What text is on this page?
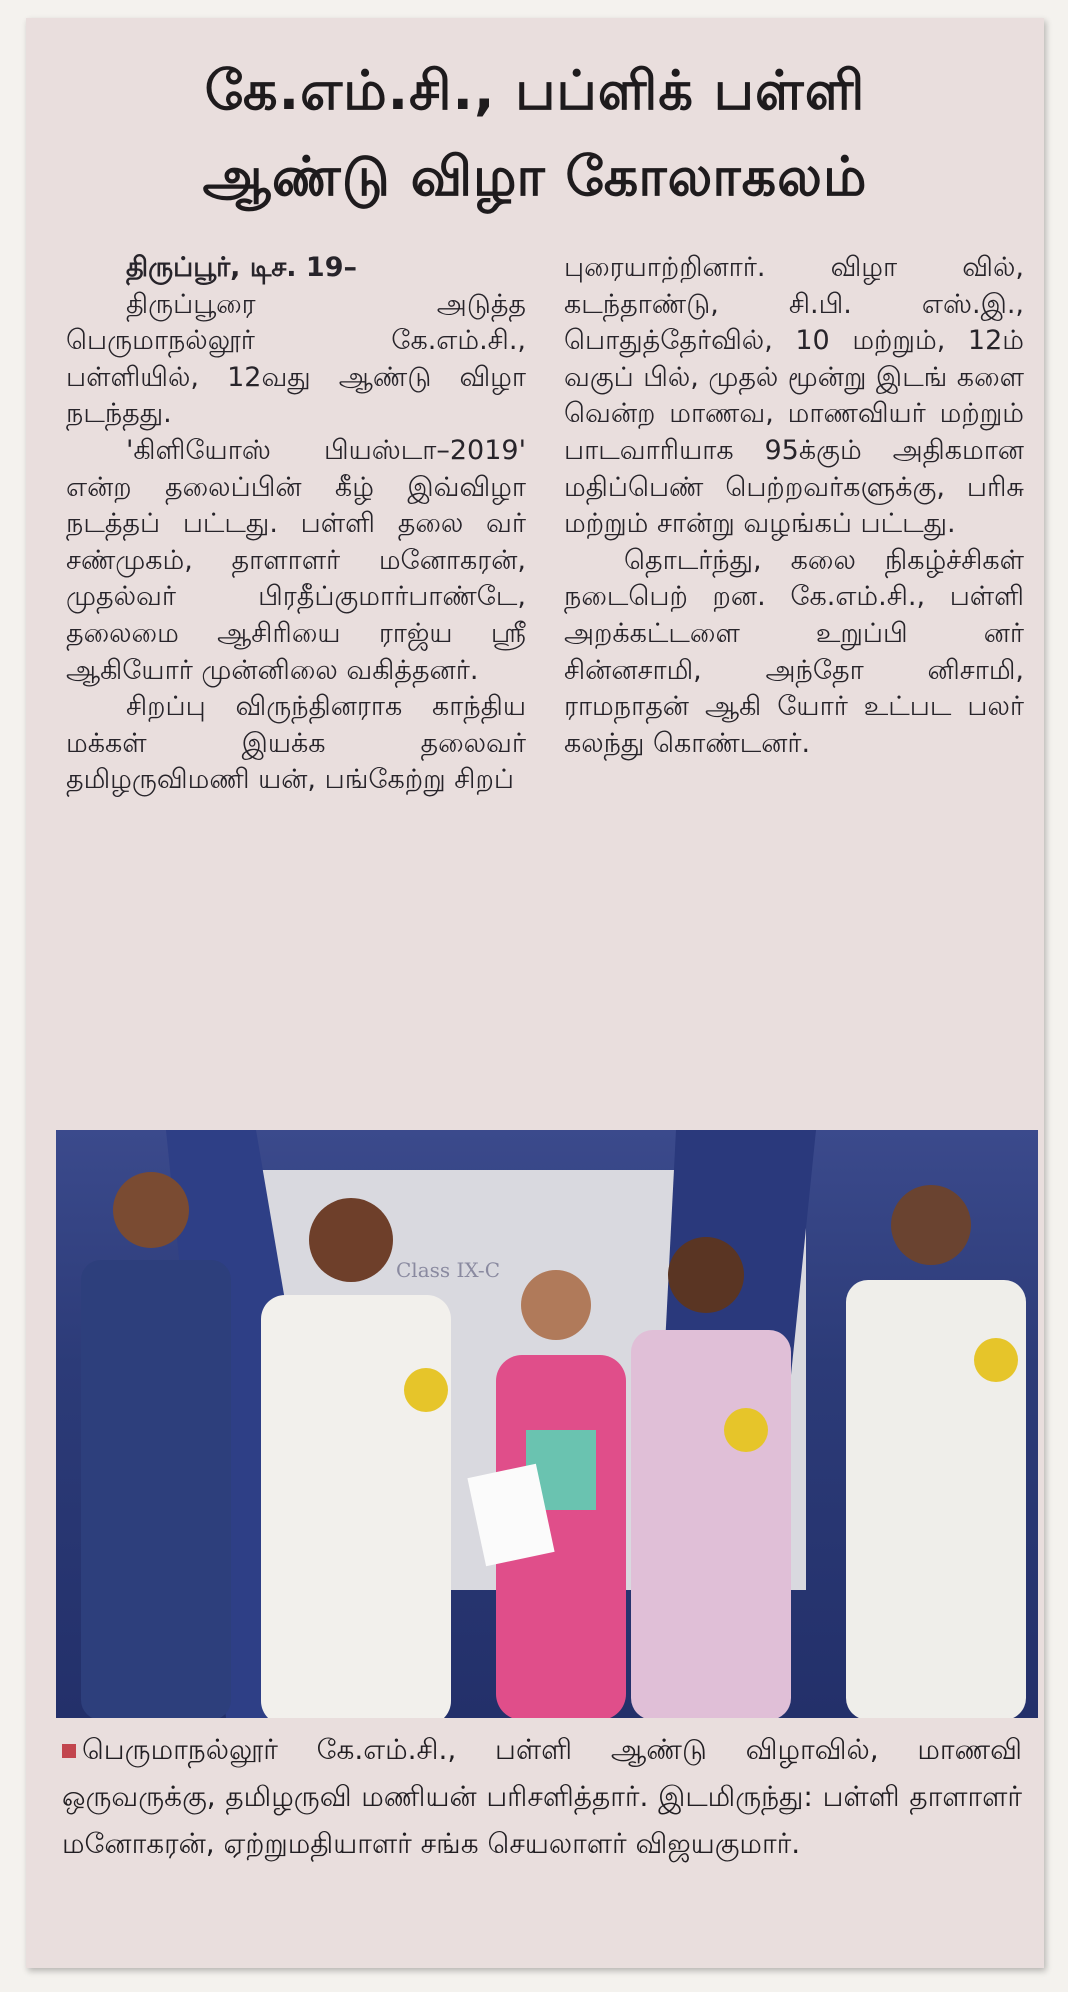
கே.எம்.சி., பப்ளிக் பள்ளி
ஆண்டு விழா கோலாகலம்

திருப்பூர், டிச. 19–

திருப்பூரை அடுத்த பெருமாநல்லூர் கே.எம்.சி., பள்ளியில், 12வது ஆண்டு விழா நடந்தது.

'கிளியோஸ் பியஸ்டா–2019' என்ற தலைப்பின் கீழ் இவ்விழா நடத்தப் பட்டது. பள்ளி தலை வர் சண்முகம், தாளாளர் மனோகரன், முதல்வர் பிரதீப்குமார்பாண்டே, தலைமை ஆசிரியை ராஜ்ய ஸ்ரீ ஆகியோர் முன்னிலை வகித்தனர்.

சிறப்பு விருந்தினராக காந்திய மக்கள் இயக்க தலைவர் தமிழருவிமணி யன், பங்கேற்று சிறப்

புரையாற்றினார். விழா வில், கடந்தாண்டு, சி.பி. எஸ்.இ., பொதுத்தேர்வில், 10 மற்றும், 12ம் வகுப் பில், முதல் மூன்று இடங் களை வென்ற மாணவ, மாணவியர் மற்றும் பாடவாரியாக 95க்கும் அதிகமான மதிப்பெண் பெற்றவர்களுக்கு, பரிசு மற்றும் சான்று வழங்கப் பட்டது.

தொடர்ந்து, கலை நிகழ்ச்சிகள் நடைபெற் றன. கே.எம்.சி., பள்ளி அறக்கட்டளை உறுப்பி னர் சின்னசாமி, அந்தோ னிசாமி, ராமநாதன் ஆகி யோர் உட்பட பலர் கலந்து கொண்டனர்.

Class IX-C
பெருமாநல்லூர் கே.எம்.சி., பள்ளி ஆண்டு விழாவில், மாணவி ஒருவருக்கு, தமிழருவி மணியன் பரிசளித்தார். இடமிருந்து: பள்ளி தாளாளர் மனோகரன், ஏற்றுமதியாளர் சங்க செயலாளர் விஜயகுமார்.
